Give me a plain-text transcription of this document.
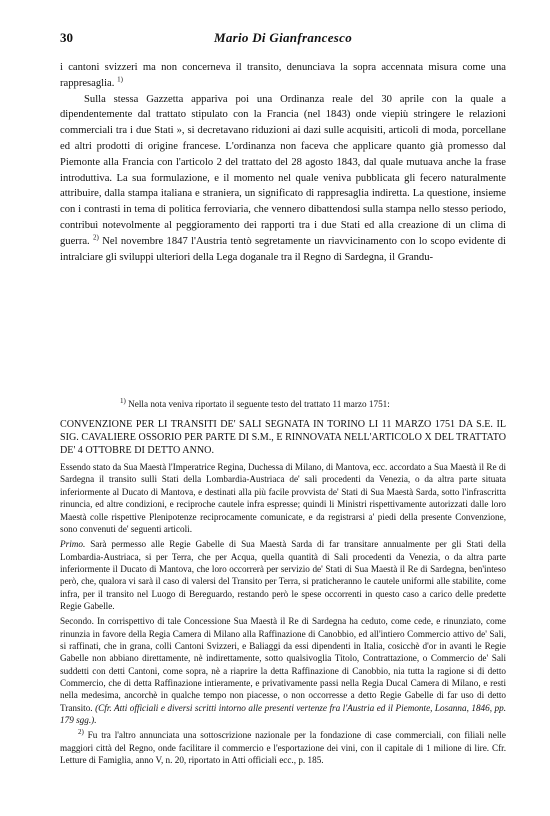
30	Mario Di Gianfrancesco

i cantoni svizzeri ma non concerneva il transito, denunciava la sopra accennata misura come una rappresaglia. $^{1)}$

Sulla stessa Gazzetta appariva poi una Ordinanza reale del 30 aprile con la quale a dipendentemente dal trattato stipulato con la Francia (nel 1843) onde viepiù stringere le relazioni commerciali tra i due Stati », si decretavano riduzioni ai dazi sulle acquisiti, articoli di moda, porcellane ed altri prodotti di origine francese. L'ordinanza non faceva che applicare quanto già promesso dal Piemonte alla Francia con l'articolo 2 del trattato del 28 agosto 1843, dal quale mutuava anche la frase introduttiva. La sua formulazione, e il momento nel quale veniva pubblicata gli fecero naturalmente attribuire, dalla stampa italiana e straniera, un significato di rappresaglia indiretta. La questione, insieme con i contrasti in tema di politica ferroviaria, che vennero dibattendosi sulla stampa nello stesso periodo, contribuì notevolmente al peggioramento dei rapporti tra i due Stati ed alla creazione di un clima di guerra. $^{2)}$ Nel novembre 1847 l'Austria tentò segretamente un riavvicinamento con lo scopo evidente di intralciare gli sviluppi ulteriori della Lega doganale tra il Regno di Sardegna, il Grandu-

$^{1)}$ Nella nota veniva riportato il seguente testo del trattato 11 marzo 1751:

CONVENZIONE PER LI TRANSITI DE' SALI SEGNATA IN TORINO LI 11 MARZO 1751 DA S.E. IL SIG. CAVALIERE OSSORIO PER PARTE DI S.M., E RINNOVATA NELL'ARTICOLO X DEL TRATTATO DE' 4 OTTOBRE DI DETTO ANNO.

Essendo stato da Sua Maestà l'Imperatrice Regina, Duchessa di Milano, di Mantova, ecc. accordato a Sua Maestà il Re di Sardegna il transito sulli Stati della Lombardia-Austriaca de' sali procedenti da Venezia, o da altra parte situata inferiormente al Ducato di Mantova, e destinati alla più facile provvista de' Stati di Sua Maestà Sarda, sotto l'infrascritta rinuncia, ed altre condizioni, e reciproche cautele infra espresse; quindi li Ministri rispettivamente autorizzati dalle loro Maestà colle rispettive Plenipotenze reciprocamente comunicate, e da registrarsi a' piedi della presente Convenzione, sono convenuti de' seguenti articoli.

Primo. Sarà permesso alle Regie Gabelle di Sua Maestà Sarda di far transitare annualmente per gli Stati della Lombardia-Austriaca, si per Terra, che per Acqua, quella quantità di Sali procedenti da Venezia, o da altra parte inferiormente il Ducato di Mantova, che loro occorrerà per servizio de' Stati di Sua Maestà il Re di Sardegna, ben'inteso però, che, qualora vi sarà il caso di valersi del Transito per Terra, si praticheranno le cautele uniformi alle stabilite, come infra, per il transito nel Luogo di Bereguardo, restando però le spese occorrenti in questo caso a carico delle predette Regie Gabelle.

Secondo. In corrispettivo di tale Concessione Sua Maestà il Re di Sardegna ha ceduto, come cede, e rinunziato, come rinunzia in favore della Regia Camera di Milano alla Raffinazione di Canobbio, ed all'intiero Commercio attivo de' Sali, si raffinati, che in grana, colli Cantoni Svizzeri, e Baliaggi da essi dipendenti in Italia, cosicchè d'or in avanti le Regie Gabelle non abbiano direttamente, nè indirettamente, sotto qualsivoglia Titolo, Contrattazione, o Commercio de' Sali suddetti con detti Cantoni, come sopra, nè a riaprire la detta Raffinazione di Canobbio, nia tutta la ragione si di detto Commercio, che di detta Raffinazione intieramente, e privativamente passi nella Regia Ducal Camera di Milano, e resti nella medesima, ancorchè in qualche tempo non piacesse, o non occorresse a detto Regie Gabelle di far uso di detto Transito. (Cfr. Atti officiali e diversi scritti intorno alle presenti vertenze fra l'Austria ed il Piemonte, Losanna, 1846, pp. 179 sgg.).

$^{2)}$ Fu tra l'altro annunciata una sottoscrizione nazionale per la fondazione di case commerciali, con filiali nelle maggiori città del Regno, onde facilitare il commercio e l'esportazione dei vini, con il capitale di 1 milione di lire. Cfr. Letture di Famiglia, anno V, n. 20, riportato in Atti officiali ecc., p. 185.
